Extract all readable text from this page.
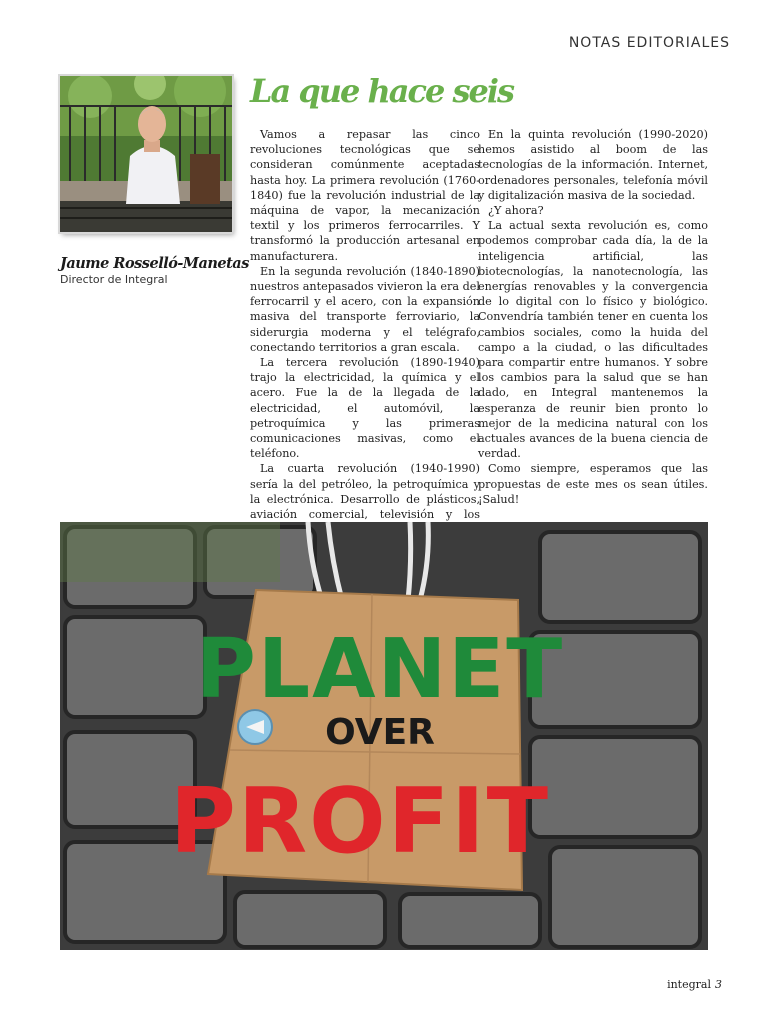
NOTAS EDITORIALES
Jaume Rosselló-Manetas
Director de Integral
La que hace seis

Vamos a repasar las cinco revoluciones tecnológicas que se consideran comúnmente aceptadas hasta hoy. La primera revolución (1760-1840) fue la revolución industrial de la máquina de vapor, la mecanización textil y los primeros ferrocarriles. Y transformó la producción artesanal en manufacturera.

En la segunda revolución (1840-1890) nuestros antepasados vivieron la era del ferrocarril y el acero, con la expansión masiva del transporte ferroviario, la siderurgia moderna y el telégrafo, conectando territorios a gran escala.

La tercera revolución (1890-1940) trajo la electricidad, la química y el acero. Fue la de la llegada de la electricidad, el automóvil, la petroquímica y las primeras comunicaciones masivas, como el teléfono.

La cuarta revolución (1940-1990) sería la del petróleo, la petroquímica y la electrónica. Desarrollo de plásticos, aviación comercial, televisión y los

En la quinta revolución (1990-2020) hemos asistido al boom de las tecnologías de la información. Internet, ordenadores personales, telefonía móvil y digitalización masiva de la sociedad.

¿Y ahora?

La actual sexta revolución es, como podemos comprobar cada día, la de la inteligencia artificial, las biotecnologías, la nanotecnología, las energías renovables y la convergencia de lo digital con lo físico y biológico. Convendría también tener en cuenta los cambios sociales, como la huida del campo a la ciudad, o las dificultades para compartir entre humanos. Y sobre los cambios para la salud que se han dado, en Integral mantenemos la esperanza de reunir bien pronto lo mejor de la medicina natural con los actuales avances de la buena ciencia de verdad.

Como siempre, esperamos que las propuestas de este mes os sean útiles. ¡Salud!

PLANET
OVER
PROFIT
integral 3
